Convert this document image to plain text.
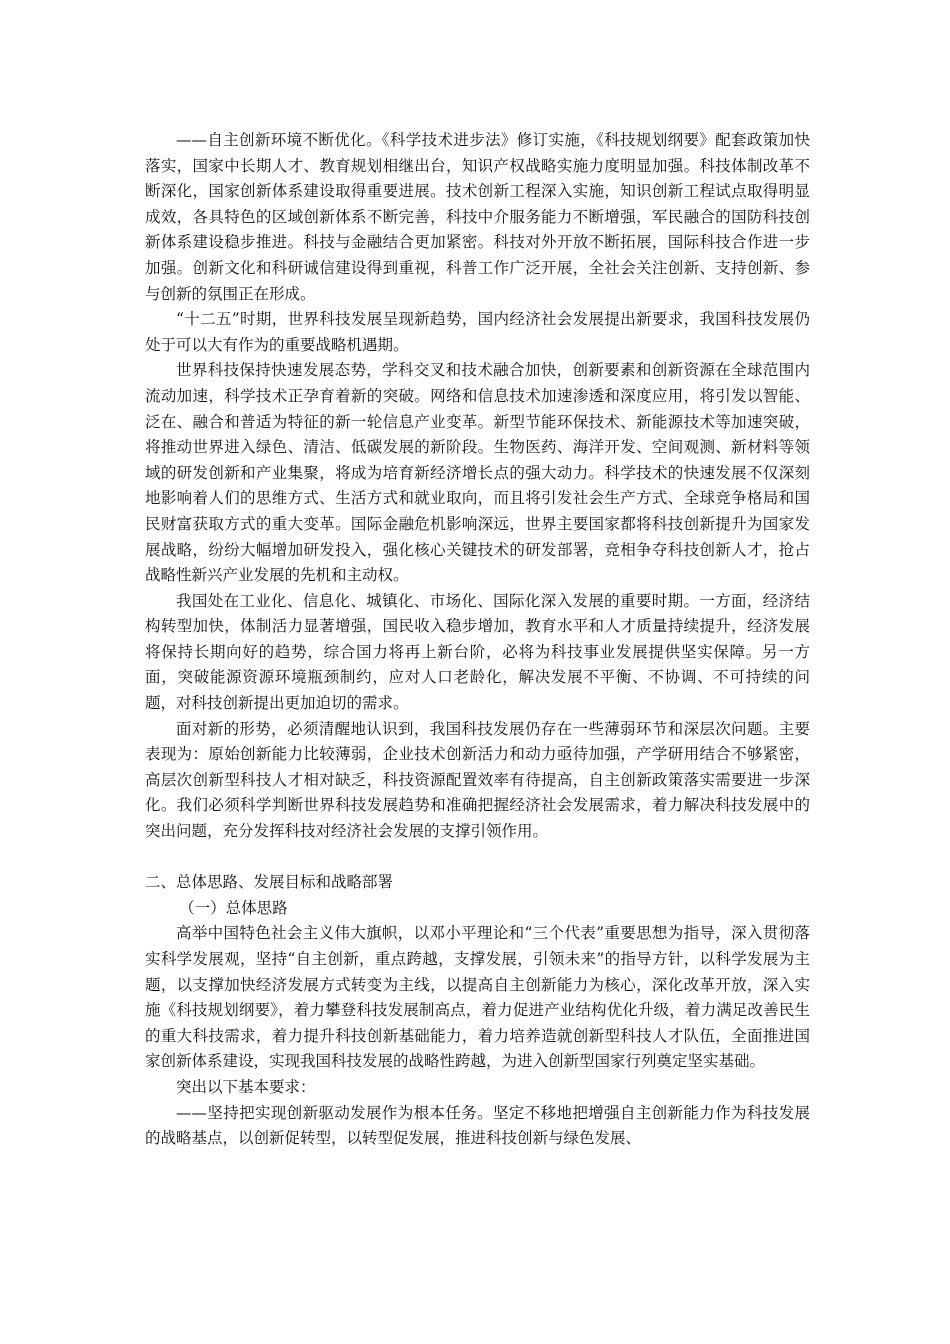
——自主创新环境不断优化。《科学技术进步法》修订实施，《科技规划纲要》配套政策加快落实，国家中长期人才、教育规划相继出台，知识产权战略实施力度明显加强。科技体制改革不断深化，国家创新体系建设取得重要进展。技术创新工程深入实施，知识创新工程试点取得明显成效，各具特色的区域创新体系不断完善，科技中介服务能力不断增强，军民融合的国防科技创新体系建设稳步推进。科技与金融结合更加紧密。科技对外开放不断拓展，国际科技合作进一步加强。创新文化和科研诚信建设得到重视，科普工作广泛开展，全社会关注创新、支持创新、参与创新的氛围正在形成。

“十二五”时期，世界科技发展呈现新趋势，国内经济社会发展提出新要求，我国科技发展仍处于可以大有作为的重要战略机遇期。

世界科技保持快速发展态势，学科交叉和技术融合加快，创新要素和创新资源在全球范围内流动加速，科学技术正孕育着新的突破。网络和信息技术加速渗透和深度应用，将引发以智能、泛在、融合和普适为特征的新一轮信息产业变革。新型节能环保技术、新能源技术等加速突破，将推动世界进入绿色、清洁、低碳发展的新阶段。生物医药、海洋开发、空间观测、新材料等领域的研发创新和产业集聚，将成为培育新经济增长点的强大动力。科学技术的快速发展不仅深刻地影响着人们的思维方式、生活方式和就业取向，而且将引发社会生产方式、全球竞争格局和国民财富获取方式的重大变革。国际金融危机影响深远，世界主要国家都将科技创新提升为国家发展战略，纷纷大幅增加研发投入，强化核心关键技术的研发部署，竞相争夺科技创新人才，抢占战略性新兴产业发展的先机和主动权。

我国处在工业化、信息化、城镇化、市场化、国际化深入发展的重要时期。一方面，经济结构转型加快，体制活力显著增强，国民收入稳步增加，教育水平和人才质量持续提升，经济发展将保持长期向好的趋势，综合国力将再上新台阶，必将为科技事业发展提供坚实保障。另一方面，突破能源资源环境瓶颈制约，应对人口老龄化，解决发展不平衡、不协调、不可持续的问题，对科技创新提出更加迫切的需求。

面对新的形势，必须清醒地认识到，我国科技发展仍存在一些薄弱环节和深层次问题。主要表现为：原始创新能力比较薄弱，企业技术创新活力和动力亟待加强，产学研用结合不够紧密，高层次创新型科技人才相对缺乏，科技资源配置效率有待提高，自主创新政策落实需要进一步深化。我们必须科学判断世界科技发展趋势和准确把握经济社会发展需求，着力解决科技发展中的突出问题，充分发挥科技对经济社会发展的支撑引领作用。

二、总体思路、发展目标和战略部署

（一）总体思路

高举中国特色社会主义伟大旗帜，以邓小平理论和“三个代表”重要思想为指导，深入贯彻落实科学发展观，坚持“自主创新，重点跨越，支撑发展，引领未来”的指导方针，以科学发展为主题，以支撑加快经济发展方式转变为主线，以提高自主创新能力为核心，深化改革开放，深入实施《科技规划纲要》，着力攀登科技发展制高点，着力促进产业结构优化升级，着力满足改善民生的重大科技需求，着力提升科技创新基础能力，着力培养造就创新型科技人才队伍，全面推进国家创新体系建设，实现我国科技发展的战略性跨越，为进入创新型国家行列奠定坚实基础。

突出以下基本要求：

——坚持把实现创新驱动发展作为根本任务。坚定不移地把增强自主创新能力作为科技发展的战略基点，以创新促转型，以转型促发展，推进科技创新与绿色发展、
